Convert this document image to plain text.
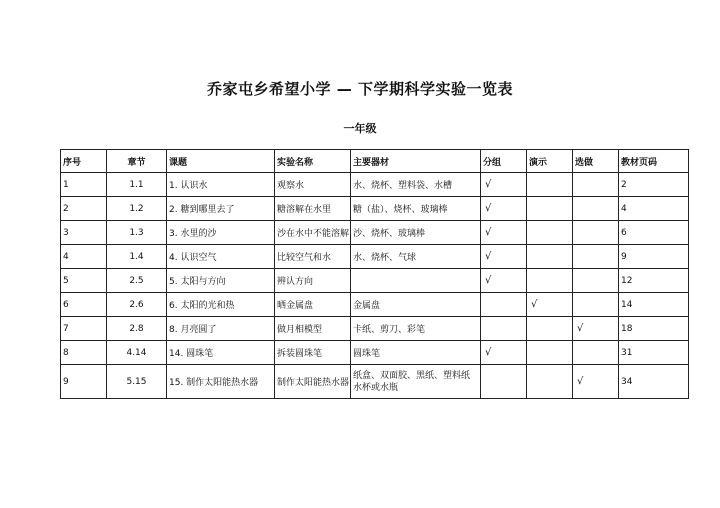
乔家屯乡希望小学 — 下学期科学实验一览表
一年级
序号	章节	课题	实验名称	主要器材	分组	演示	选做	教材页码
1	1.1	1. 认识水	观察水	水、烧杯、塑料袋、水槽	√			2
2	1.2	2. 糖到哪里去了	糖溶解在水里	糖（盐）、烧杯、玻璃棒	√			4
3	1.3	3. 水里的沙	沙在水中不能溶解	沙、烧杯、玻璃棒	√			6
4	1.4	4. 认识空气	比较空气和水	水、烧杯、气球	√			9
5	2.5	5. 太阳与方向	辨认方向		√			12
6	2.6	6. 太阳的光和热	晒金属盘	金属盘		√		14
7	2.8	8. 月亮圆了	做月相模型	卡纸、剪刀、彩笔			√	18
8	4.14	14. 圆珠笔	拆装圆珠笔	圆珠笔	√			31
9	5.15	15. 制作太阳能热水器	制作太阳能热水器	纸盒、双面胶、黑纸、塑料纸水杯或水瓶			√	34
